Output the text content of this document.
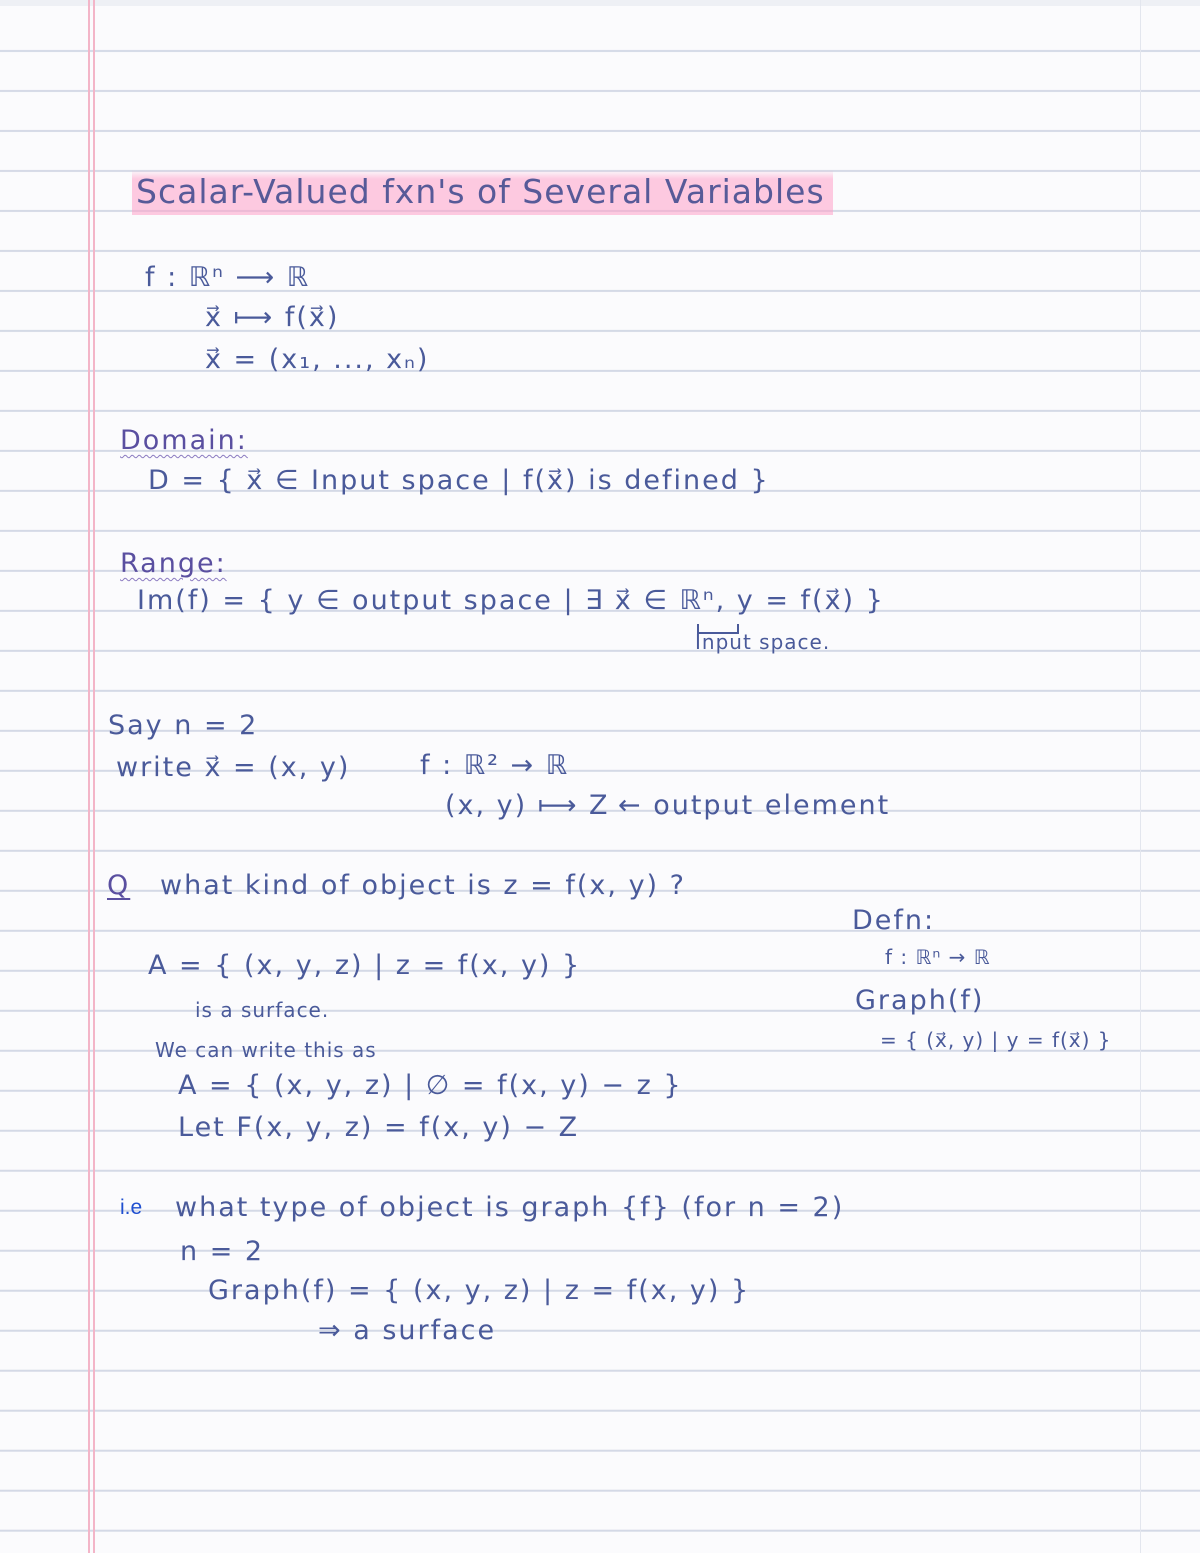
Scalar-Valued fxn's of Several Variables
f : ℝⁿ ⟶ ℝ
x⃗ ⟼ f(x⃗)
x⃗ = (x₁, ..., xₙ)
Domain:
D = { x⃗ ∈ Input space | f(x⃗) is defined }
Range:
Im(f) = { y ∈ output space | ∃ x⃗ ∈ ℝⁿ, y = f(x⃗) }
Input space.
Say n = 2
write x⃗ = (x, y)	f : ℝ² → ℝ
(x, y) ⟼ Z ← output element
Q what kind of object is z = f(x, y) ?
A = { (x, y, z) | z = f(x, y) }
is a surface.
We can write this as
A = { (x, y, z) | ∅ = f(x, y) − z }
Let F(x, y, z) = f(x, y) − Z
Defn:
f : ℝⁿ → ℝ
Graph(f)
= { (x⃗, y) | y = f(x⃗) }
i.e what type of object is graph {f} (for n = 2)
n = 2
Graph(f) = { (x, y, z) | z = f(x, y) }
⇒ a surface
